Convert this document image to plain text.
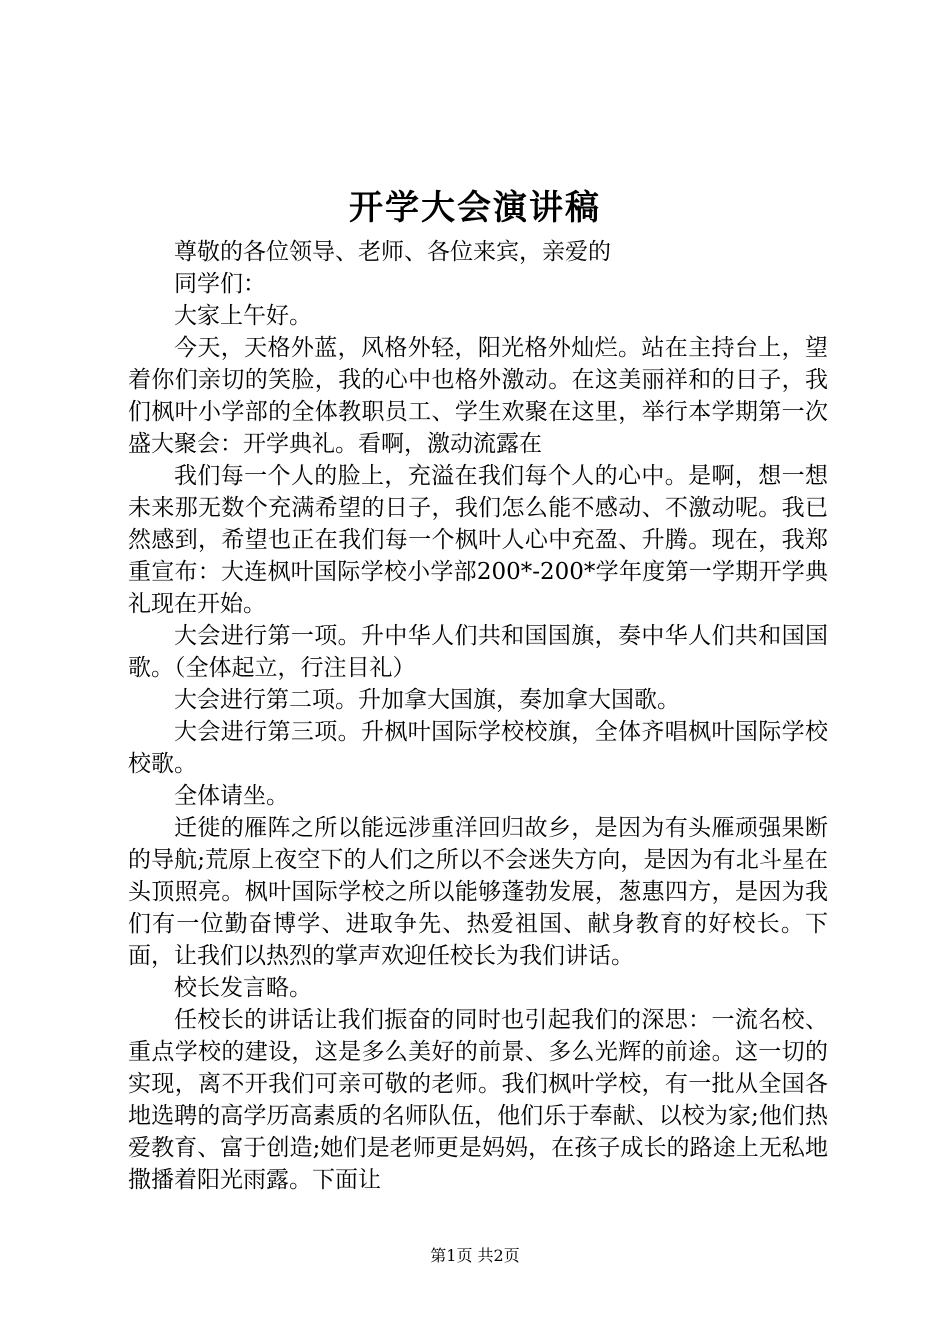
开学大会演讲稿

尊敬的各位领导、老师、各位来宾，亲爱的

同学们：

大家上午好。

今天，天格外蓝，风格外轻，阳光格外灿烂。站在主持台上，望着你们亲切的笑脸，我的心中也格外激动。在这美丽祥和的日子，我们枫叶小学部的全体教职员工、学生欢聚在这里，举行本学期第一次盛大聚会：开学典礼。看啊，激动流露在

我们每一个人的脸上，充溢在我们每个人的心中。是啊，想一想未来那无数个充满希望的日子，我们怎么能不感动、不激动呢。我已然感到，希望也正在我们每一个枫叶人心中充盈、升腾。现在，我郑重宣布：大连枫叶国际学校小学部200*-200*学年度第一学期开学典礼现在开始。

大会进行第一项。升中华人们共和国国旗，奏中华人们共和国国歌。（全体起立，行注目礼）

大会进行第二项。升加拿大国旗，奏加拿大国歌。

大会进行第三项。升枫叶国际学校校旗，全体齐唱枫叶国际学校校歌。

全体请坐。

迁徙的雁阵之所以能远涉重洋回归故乡，是因为有头雁顽强果断的导航;荒原上夜空下的人们之所以不会迷失方向，是因为有北斗星在头顶照亮。枫叶国际学校之所以能够蓬勃发展，葱惠四方，是因为我们有一位勤奋博学、进取争先、热爱祖国、献身教育的好校长。下面，让我们以热烈的掌声欢迎任校长为我们讲话。

校长发言略。

任校长的讲话让我们振奋的同时也引起我们的深思：一流名校、重点学校的建设，这是多么美好的前景、多么光辉的前途。这一切的实现，离不开我们可亲可敬的老师。我们枫叶学校，有一批从全国各地选聘的高学历高素质的名师队伍，他们乐于奉献、以校为家;他们热爱教育、富于创造;她们是老师更是妈妈，在孩子成长的路途上无私地撒播着阳光雨露。下面让

第1页 共2页
